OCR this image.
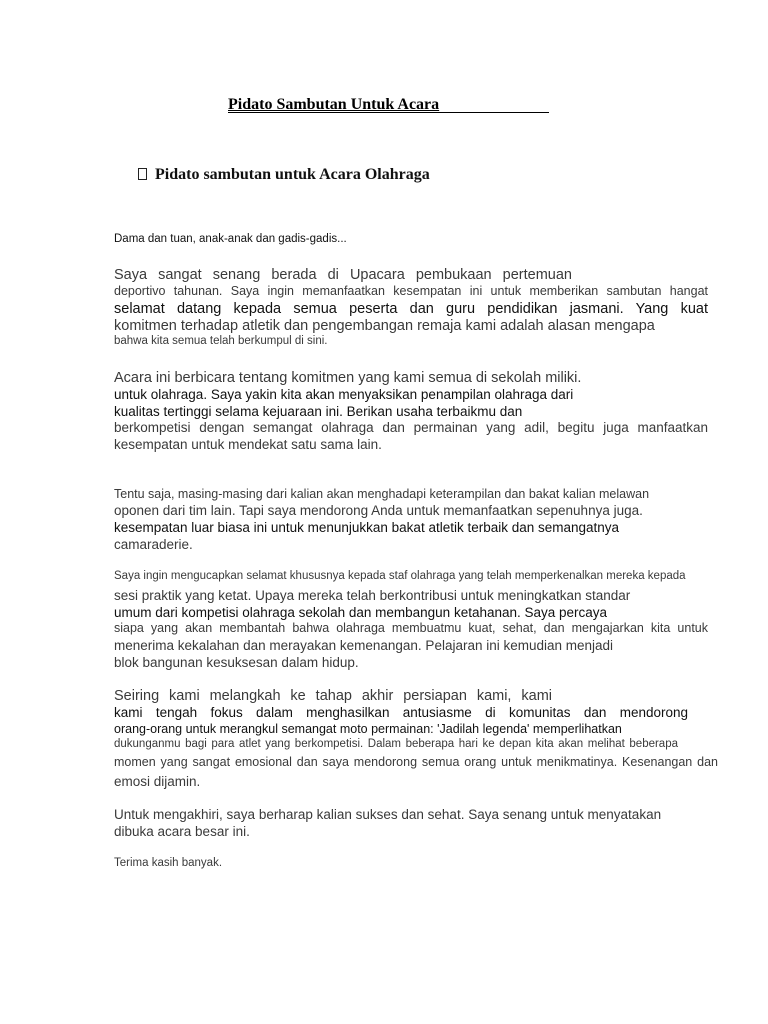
Pidato Sambutan Untuk Acara
Pidato sambutan untuk Acara Olahraga
Dama dan tuan, anak-anak dan gadis-gadis...
Saya sangat senang berada di Upacara pembukaan pertemuan
deportivo tahunan. Saya ingin memanfaatkan kesempatan ini untuk memberikan sambutan hangat
selamat datang kepada semua peserta dan guru pendidikan jasmani. Yang kuat
komitmen terhadap atletik dan pengembangan remaja kami adalah alasan mengapa
bahwa kita semua telah berkumpul di sini.
Acara ini berbicara tentang komitmen yang kami semua di sekolah miliki.
untuk olahraga. Saya yakin kita akan menyaksikan penampilan olahraga dari
kualitas tertinggi selama kejuaraan ini. Berikan usaha terbaikmu dan
berkompetisi dengan semangat olahraga dan permainan yang adil, begitu juga manfaatkan
kesempatan untuk mendekat satu sama lain.
Tentu saja, masing-masing dari kalian akan menghadapi keterampilan dan bakat kalian melawan
oponen dari tim lain. Tapi saya mendorong Anda untuk memanfaatkan sepenuhnya juga.
kesempatan luar biasa ini untuk menunjukkan bakat atletik terbaik dan semangatnya
camaraderie.
Saya ingin mengucapkan selamat khususnya kepada staf olahraga yang telah memperkenalkan mereka kepada
sesi praktik yang ketat. Upaya mereka telah berkontribusi untuk meningkatkan standar
umum dari kompetisi olahraga sekolah dan membangun ketahanan. Saya percaya
siapa yang akan membantah bahwa olahraga membuatmu kuat, sehat, dan mengajarkan kita untuk
menerima kekalahan dan merayakan kemenangan. Pelajaran ini kemudian menjadi
blok bangunan kesuksesan dalam hidup.
Seiring kami melangkah ke tahap akhir persiapan kami, kami
kami tengah fokus dalam menghasilkan antusiasme di komunitas dan mendorong
orang-orang untuk merangkul semangat moto permainan: 'Jadilah legenda' memperlihatkan
dukunganmu bagi para atlet yang berkompetisi. Dalam beberapa hari ke depan kita akan melihat beberapa
momen yang sangat emosional dan saya mendorong semua orang untuk menikmatinya. Kesenangan dan
emosi dijamin.
Untuk mengakhiri, saya berharap kalian sukses dan sehat. Saya senang untuk menyatakan
dibuka acara besar ini.
Terima kasih banyak.
